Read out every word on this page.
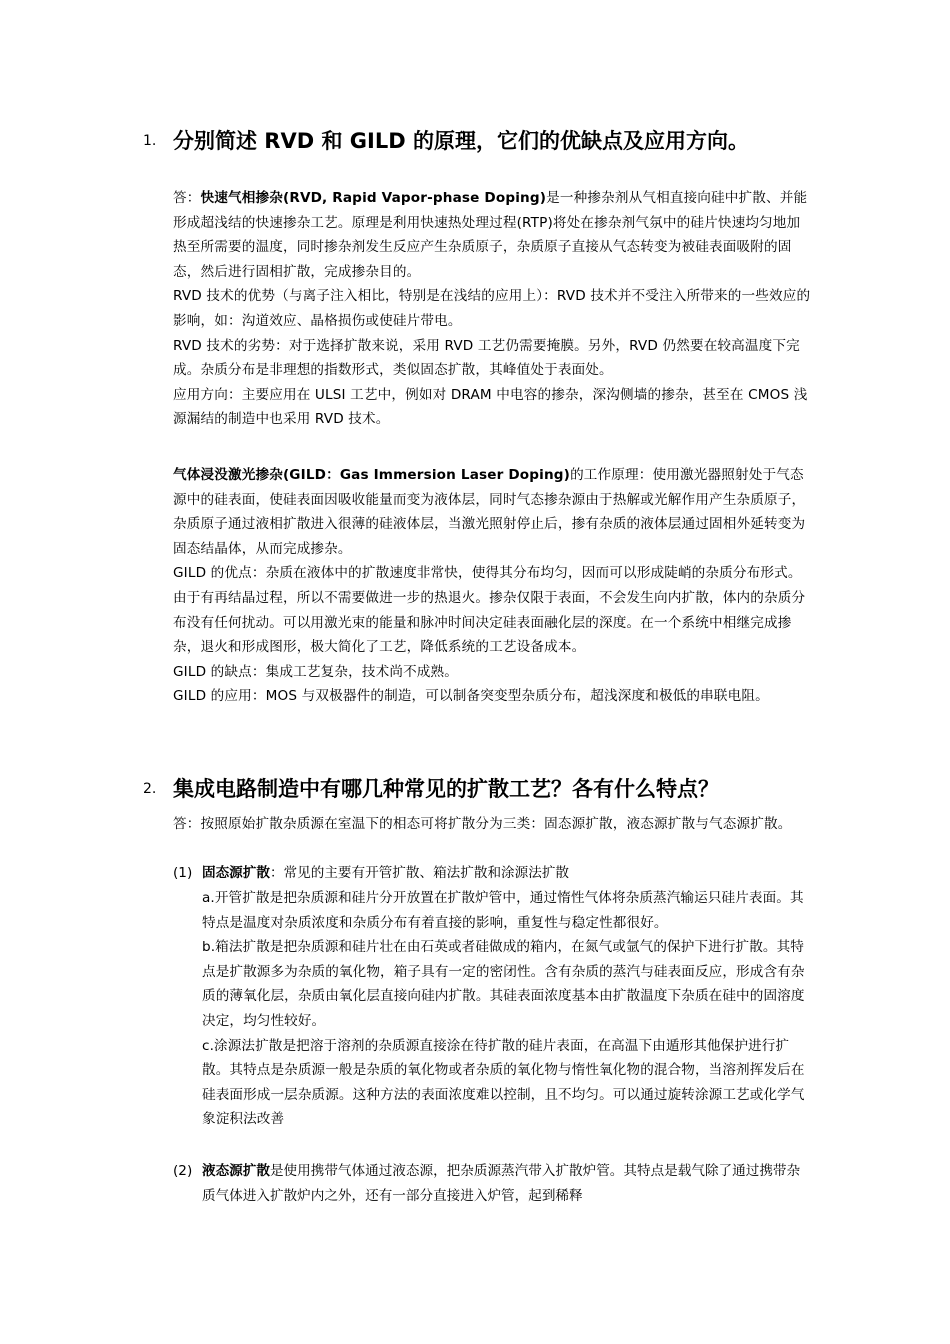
1. 分别简述 RVD 和 GILD 的原理，它们的优缺点及应用方向。

答：快速气相掺杂(RVD, Rapid Vapor-phase Doping)是一种掺杂剂从气相直接向硅中扩散、并能形成超浅结的快速掺杂工艺。原理是利用快速热处理过程(RTP)将处在掺杂剂气氛中的硅片快速均匀地加热至所需要的温度，同时掺杂剂发生反应产生杂质原子，杂质原子直接从气态转变为被硅表面吸附的固态，然后进行固相扩散，完成掺杂目的。

RVD 技术的优势（与离子注入相比，特别是在浅结的应用上）：RVD 技术并不受注入所带来的一些效应的影响，如：沟道效应、晶格损伤或使硅片带电。

RVD 技术的劣势：对于选择扩散来说，采用 RVD 工艺仍需要掩膜。另外，RVD 仍然要在较高温度下完成。杂质分布是非理想的指数形式，类似固态扩散，其峰值处于表面处。

应用方向：主要应用在 ULSI 工艺中，例如对 DRAM 中电容的掺杂，深沟侧墙的掺杂，甚至在 CMOS 浅源漏结的制造中也采用 RVD 技术。

气体浸没激光掺杂(GILD：Gas Immersion Laser Doping)的工作原理：使用激光器照射处于气态源中的硅表面，使硅表面因吸收能量而变为液体层，同时气态掺杂源由于热解或光解作用产生杂质原子，杂质原子通过液相扩散进入很薄的硅液体层，当激光照射停止后，掺有杂质的液体层通过固相外延转变为固态结晶体，从而完成掺杂。

GILD 的优点：杂质在液体中的扩散速度非常快，使得其分布均匀，因而可以形成陡峭的杂质分布形式。由于有再结晶过程，所以不需要做进一步的热退火。掺杂仅限于表面，不会发生向内扩散，体内的杂质分布没有任何扰动。可以用激光束的能量和脉冲时间决定硅表面融化层的深度。在一个系统中相继完成掺杂，退火和形成图形，极大简化了工艺，降低系统的工艺设备成本。

GILD 的缺点：集成工艺复杂，技术尚不成熟。

GILD 的应用：MOS 与双极器件的制造，可以制备突变型杂质分布，超浅深度和极低的串联电阻。

2. 集成电路制造中有哪几种常见的扩散工艺？各有什么特点？
答：按照原始扩散杂质源在室温下的相态可将扩散分为三类：固态源扩散，液态源扩散与气态源扩散。
(1) 固态源扩散：常见的主要有开管扩散、箱法扩散和涂源法扩散

a.开管扩散是把杂质源和硅片分开放置在扩散炉管中，通过惰性气体将杂质蒸汽输运只硅片表面。其特点是温度对杂质浓度和杂质分布有着直接的影响，重复性与稳定性都很好。

b.箱法扩散是把杂质源和硅片壮在由石英或者硅做成的箱内，在氮气或氩气的保护下进行扩散。其特点是扩散源多为杂质的氧化物，箱子具有一定的密闭性。含有杂质的蒸汽与硅表面反应，形成含有杂质的薄氧化层，杂质由氧化层直接向硅内扩散。其硅表面浓度基本由扩散温度下杂质在硅中的固溶度决定，均匀性较好。

c.涂源法扩散是把溶于溶剂的杂质源直接涂在待扩散的硅片表面，在高温下由遁形其他保护进行扩散。其特点是杂质源一般是杂质的氧化物或者杂质的氧化物与惰性氧化物的混合物，当溶剂挥发后在硅表面形成一层杂质源。这种方法的表面浓度难以控制，且不均匀。可以通过旋转涂源工艺或化学气象淀积法改善

(2) 液态源扩散是使用携带气体通过液态源，把杂质源蒸汽带入扩散炉管。其特点是载气除了通过携带杂质气体进入扩散炉内之外，还有一部分直接进入炉管，起到稀释
